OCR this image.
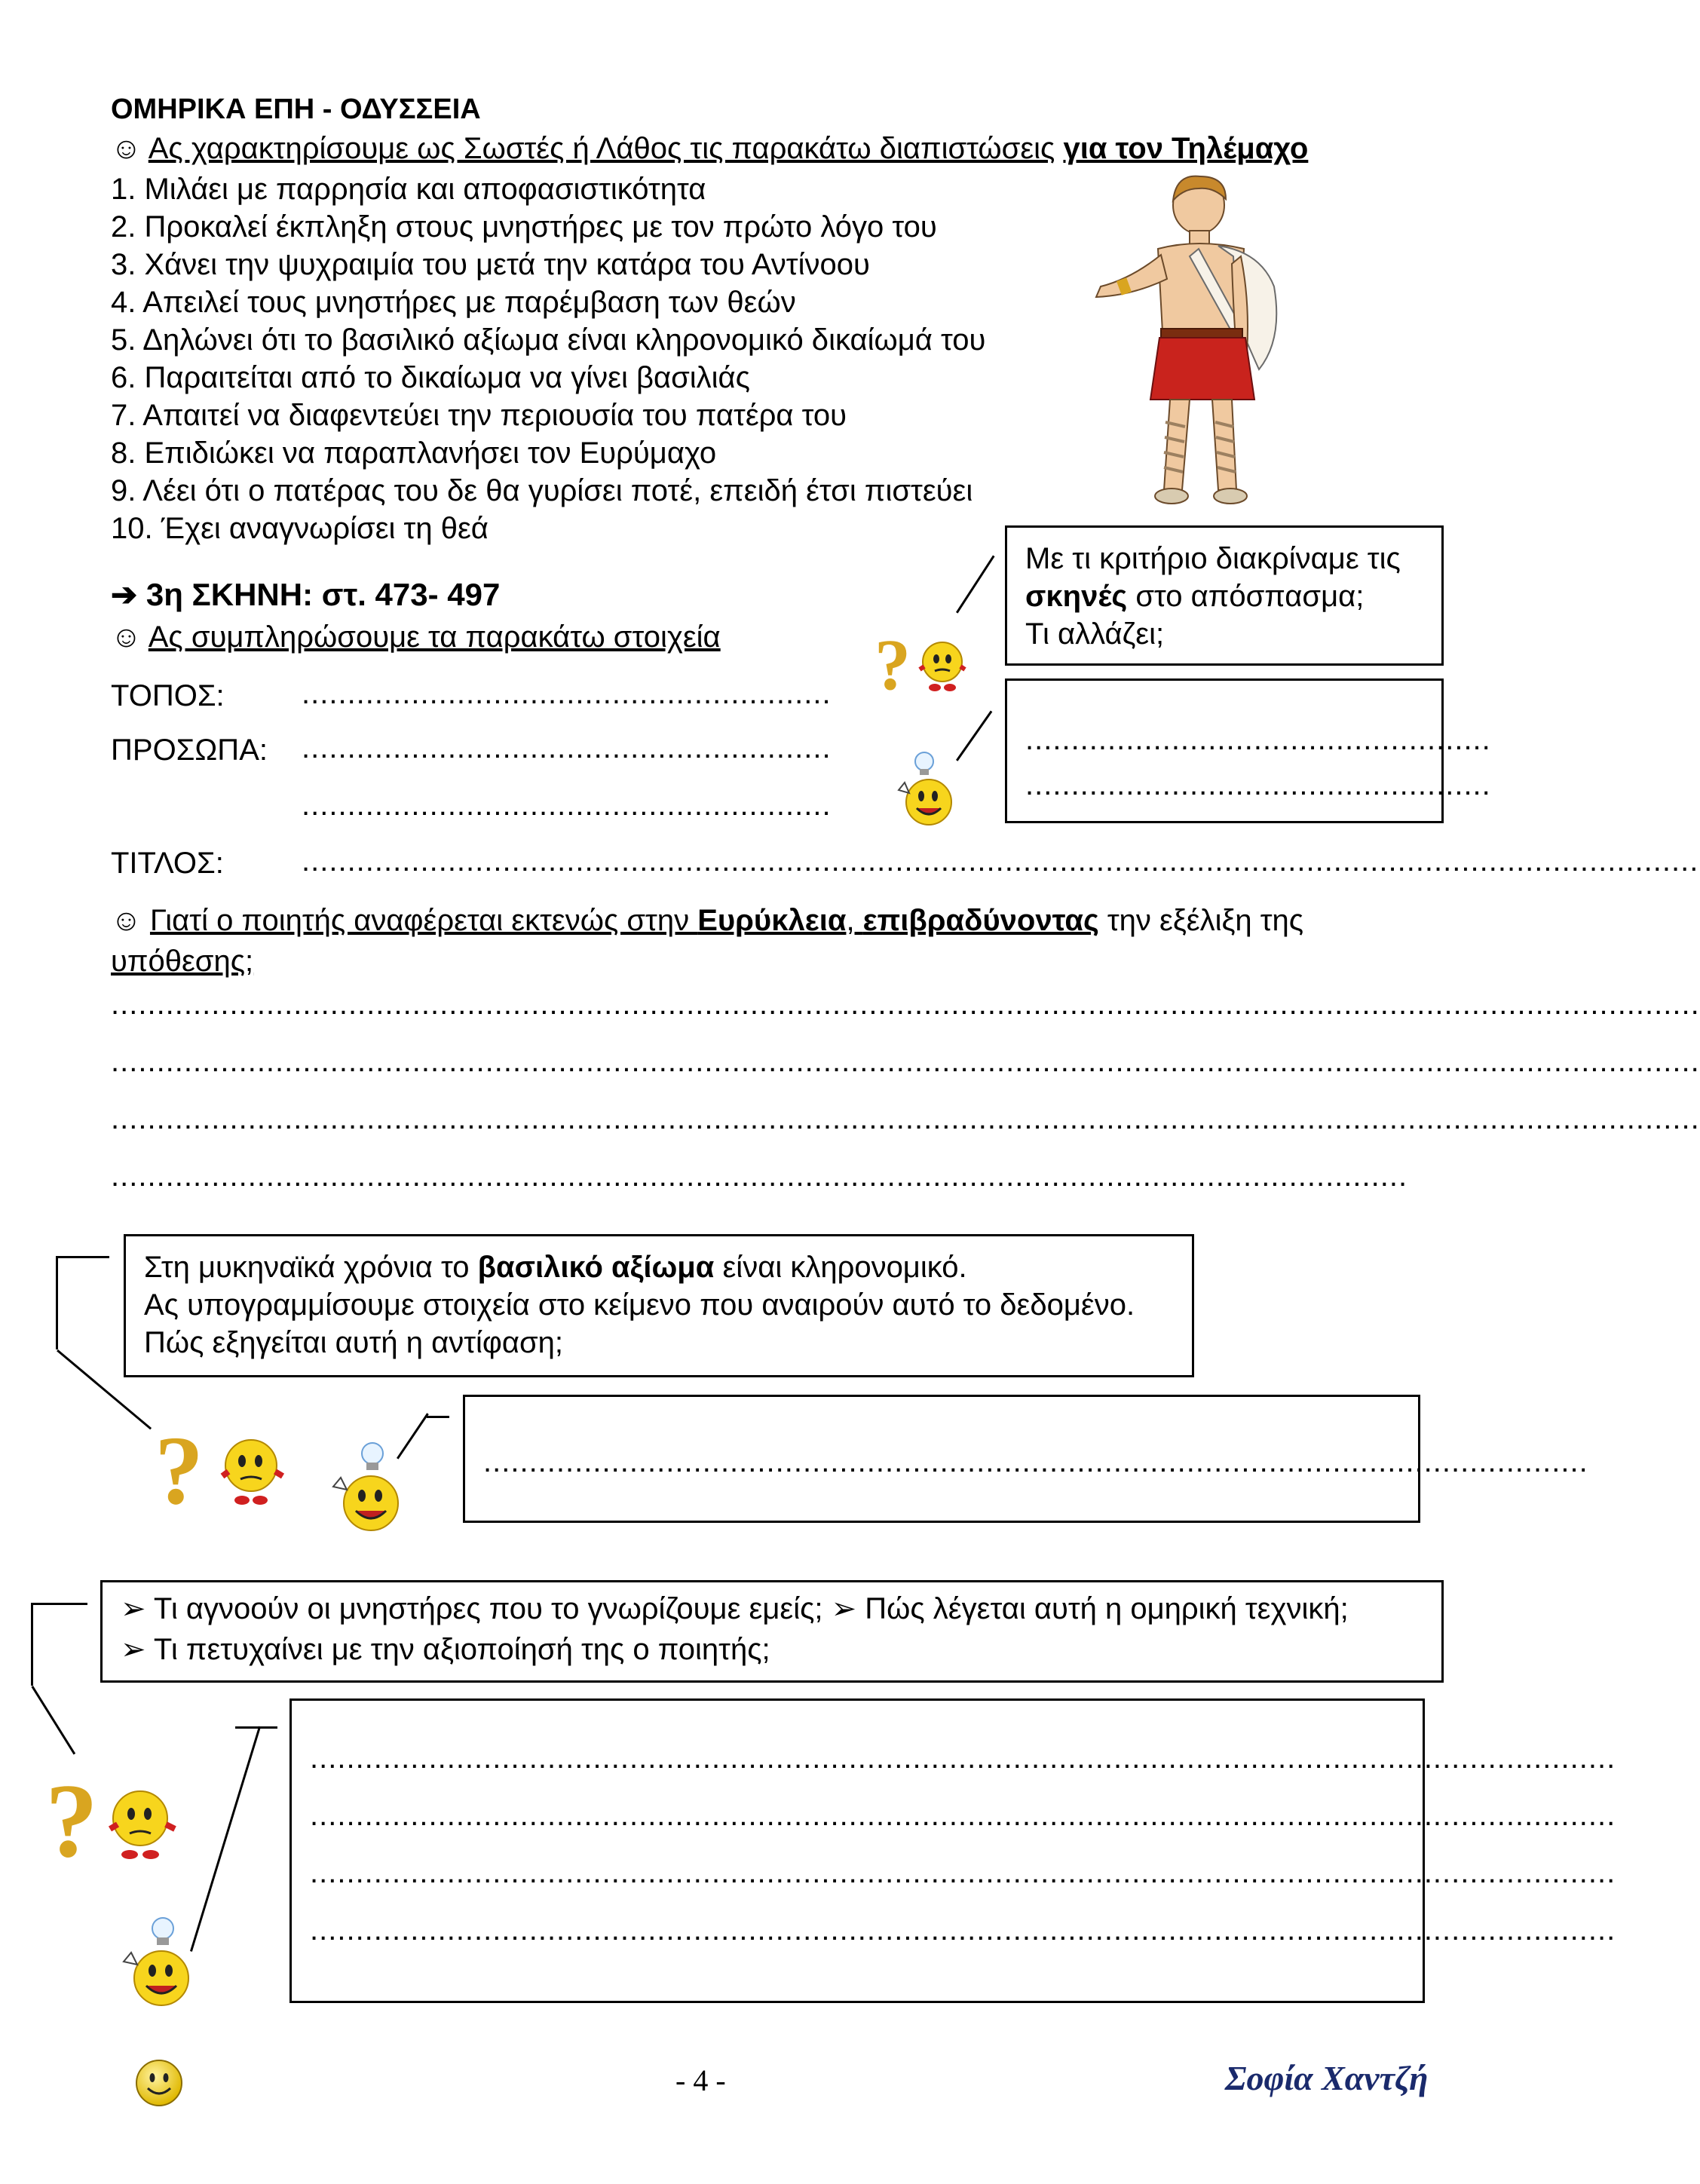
ΟΜΗΡΙΚΑ ΕΠΗ - ΟΔΥΣΣΕΙΑ
☺ Ας χαρακτηρίσουμε ως Σωστές ή Λάθος τις παρακάτω διαπιστώσεις για τον Τηλέμαχο
1. Μιλάει με παρρησία και αποφασιστικότητα
2. Προκαλεί έκπληξη στους μνηστήρες με τον πρώτο λόγο του
3. Χάνει την ψυχραιμία του μετά την κατάρα του Αντίνοου
4. Απειλεί τους μνηστήρες με παρέμβαση των θεών
5. Δηλώνει ότι το βασιλικό αξίωμα είναι κληρονομικό δικαίωμά του
6. Παραιτείται από το δικαίωμα να γίνει βασιλιάς
7. Απαιτεί να διαφεντεύει την περιουσία του πατέρα του
8. Επιδιώκει να παραπλανήσει τον Ευρύμαχο
9. Λέει ότι ο πατέρας του δε θα γυρίσει ποτέ, επειδή έτσι πιστεύει
10. Έχει αναγνωρίσει τη θεά
Με τι κριτήριο διακρίναμε τις
σκηνές στο απόσπασμα;
Τι αλλάζει;
...................................................
...................................................
?
➔ 3η ΣΚΗΝΗ: στ. 473- 497
☺ Ας συμπληρώσουμε τα παρακάτω στοιχεία
ΤΟΠΟΣ:	..........................................................
ΠΡΟΣΩΠΑ: ..........................................................
..........................................................
ΤΙΤΛΟΣ:	.........................................................................................................................................................
☺ Γιατί ο ποιητής αναφέρεται εκτενώς στην Ευρύκλεια, επιβραδύνοντας την εξέλιξη της
υπόθεσης;
..............................................................................................................................................................................
..............................................................................................................................................................................
..............................................................................................................................................................................
..............................................................................................................................................
Στη μυκηναϊκά χρόνια το βασιλικό αξίωμα είναι κληρονομικό.
Ας υπογραμμίσουμε στοιχεία στο κείμενο που αναιρούν αυτό το δεδομένο.
Πώς εξηγείται αυτή η αντίφαση;
.........................................................................................................................
?
➢ Τι αγνοούν οι μνηστήρες που το γνωρίζουμε εμείς; ➢ Πώς λέγεται αυτή η ομηρική τεχνική;
➢ Τι πετυχαίνει με την αξιοποίησή της ο ποιητής;
...............................................................................................................................................
...............................................................................................................................................
...............................................................................................................................................
...............................................................................................................................................
?
- 4 -	Σοφία Χαντζή
